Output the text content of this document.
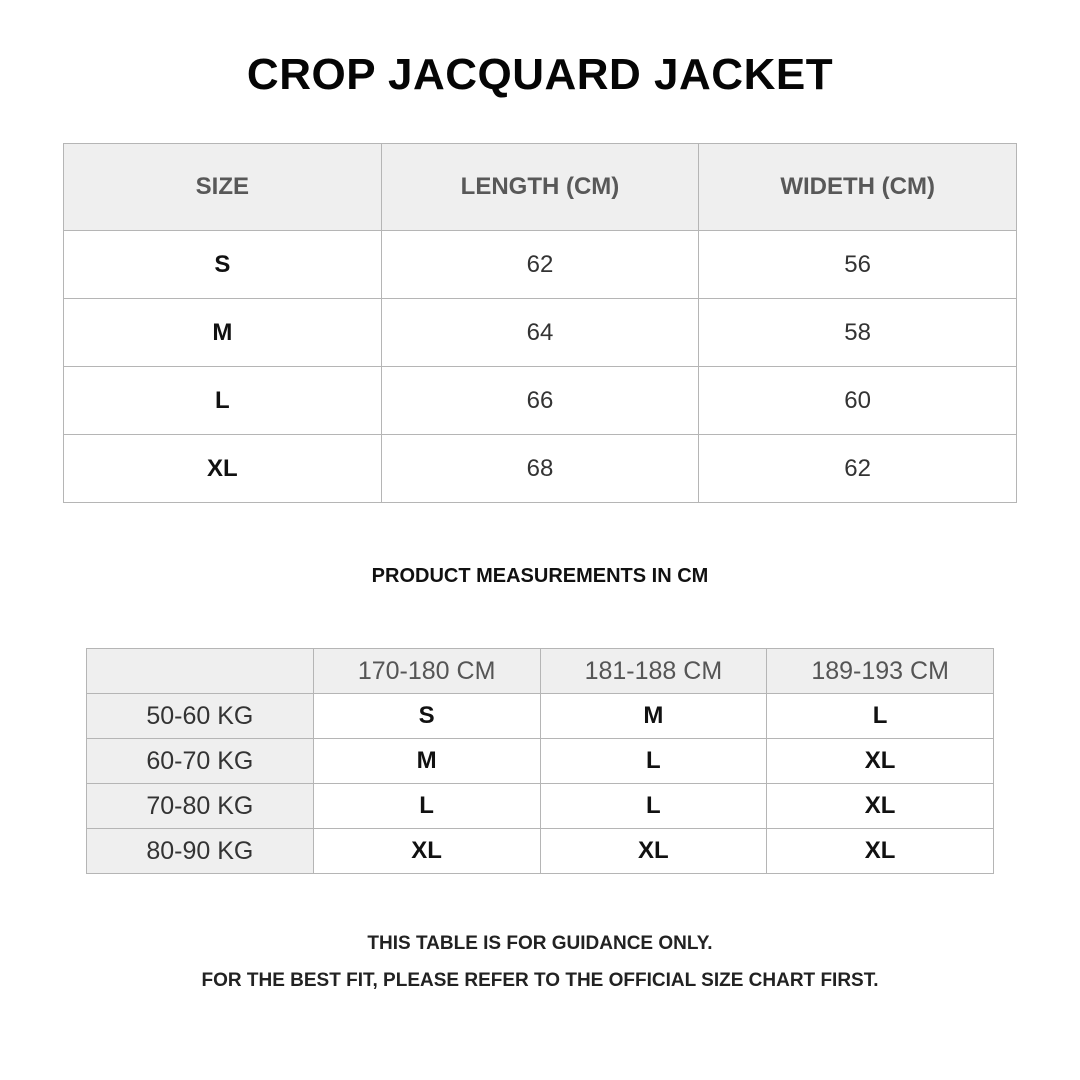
CROP JACQUARD JACKET
SIZE	LENGTH (CM)	WIDETH (CM)
S	62	56
M	64	58
L	66	60
XL	68	62
PRODUCT MEASUREMENTS IN CM
	170-180 CM	181-188 CM	189-193 CM
50-60 KG	S	M	L
60-70 KG	M	L	XL
70-80 KG	L	L	XL
80-90 KG	XL	XL	XL
THIS TABLE IS FOR GUIDANCE ONLY.
FOR THE BEST FIT, PLEASE REFER TO THE OFFICIAL SIZE CHART FIRST.
